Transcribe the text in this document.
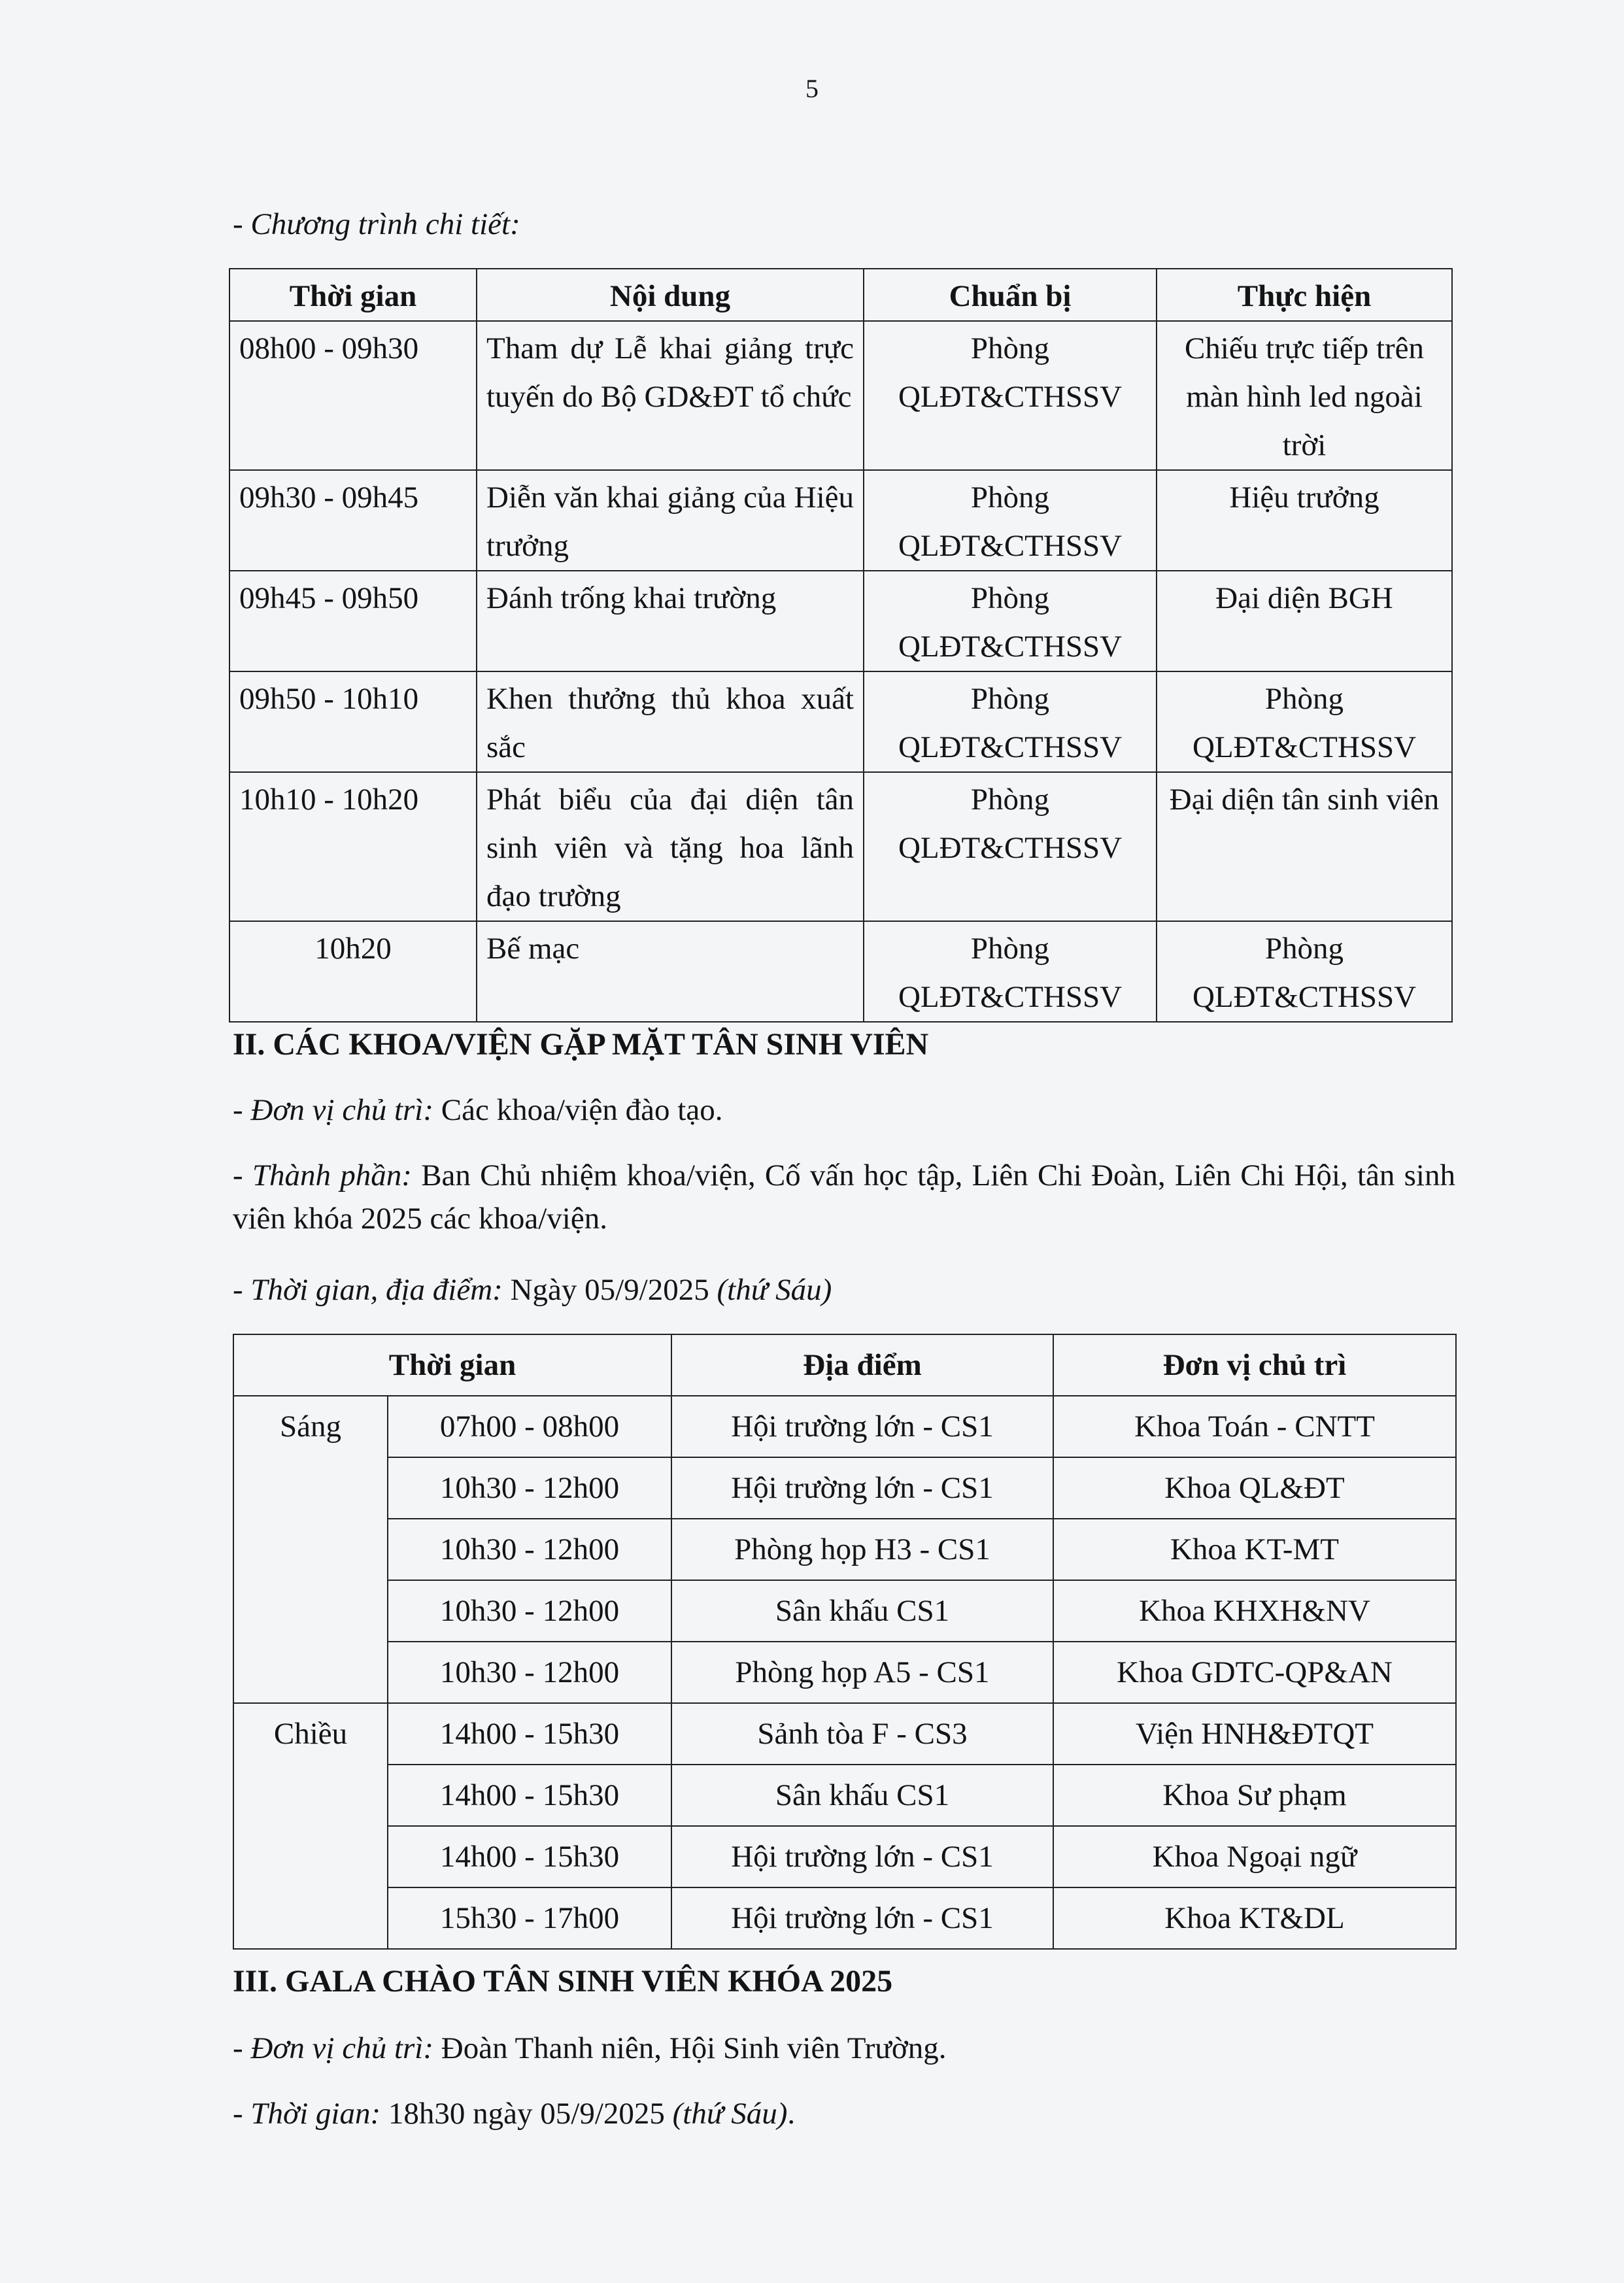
5
- Chương trình chi tiết:
Thời gian	Nội dung	Chuẩn bị	Thực hiện
08h00 - 09h30	Tham dự Lễ khai giảng trực tuyến do Bộ GD&ĐT tổ chức	Phòng QLĐT&CTHSSV	Chiếu trực tiếp trên màn hình led ngoài trời
09h30 - 09h45	Diễn văn khai giảng của Hiệu trưởng	Phòng QLĐT&CTHSSV	Hiệu trưởng
09h45 - 09h50	Đánh trống khai trường	Phòng QLĐT&CTHSSV	Đại diện BGH
09h50 - 10h10	Khen thưởng thủ khoa xuất sắc	Phòng QLĐT&CTHSSV	Phòng QLĐT&CTHSSV
10h10 - 10h20	Phát biểu của đại diện tân sinh viên và tặng hoa lãnh đạo trường	Phòng QLĐT&CTHSSV	Đại diện tân sinh viên
10h20	Bế mạc	Phòng QLĐT&CTHSSV	Phòng QLĐT&CTHSSV
II. CÁC KHOA/VIỆN GẶP MẶT TÂN SINH VIÊN
- Đơn vị chủ trì: Các khoa/viện đào tạo.
- Thành phần: Ban Chủ nhiệm khoa/viện, Cố vấn học tập, Liên Chi Đoàn, Liên Chi Hội, tân sinh viên khóa 2025 các khoa/viện.
- Thời gian, địa điểm: Ngày 05/9/2025 (thứ Sáu)
Thời gian		Địa điểm	Đơn vị chủ trì
Sáng	07h00 - 08h00	Hội trường lớn - CS1	Khoa Toán - CNTT
	10h30 - 12h00	Hội trường lớn - CS1	Khoa QL&ĐT
	10h30 - 12h00	Phòng họp H3 - CS1	Khoa KT-MT
	10h30 - 12h00	Sân khấu CS1	Khoa KHXH&NV
	10h30 - 12h00	Phòng họp A5 - CS1	Khoa GDTC-QP&AN
Chiều	14h00 - 15h30	Sảnh tòa F - CS3	Viện HNH&ĐTQT
	14h00 - 15h30	Sân khấu CS1	Khoa Sư phạm
	14h00 - 15h30	Hội trường lớn - CS1	Khoa Ngoại ngữ
	15h30 - 17h00	Hội trường lớn - CS1	Khoa KT&DL
III. GALA CHÀO TÂN SINH VIÊN KHÓA 2025
- Đơn vị chủ trì: Đoàn Thanh niên, Hội Sinh viên Trường.
- Thời gian: 18h30 ngày 05/9/2025 (thứ Sáu).
